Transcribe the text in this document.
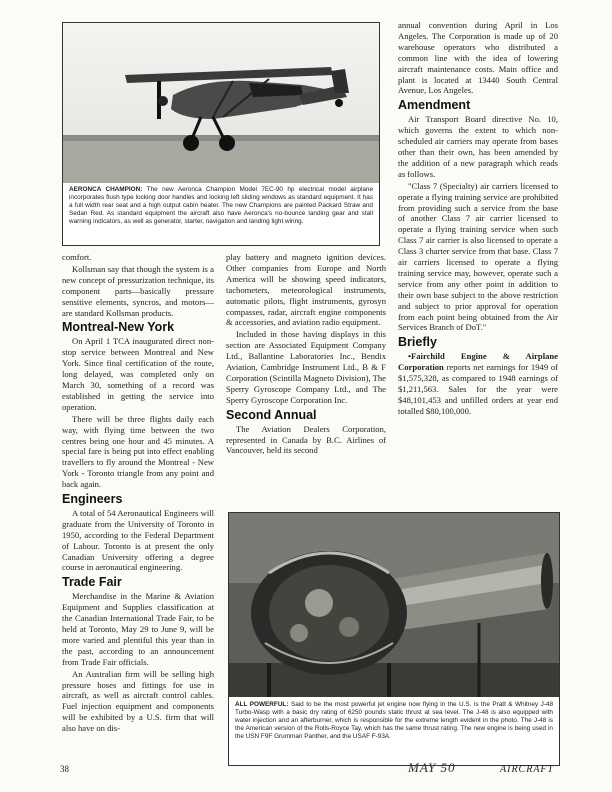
AERONCA CHAMPION: The new Aeronca Champion Model 7EC-90 hp electrical model airplane incorporates flush type locking door handles and locking left sliding windows as standard equipment. It has a full width rear seat and a high output cabin heater. The new Champions are painted Packard Straw and Sedan Red. As standard equipment the aircraft also have Aeronca's no-bounce landing gear and stall warning indicators, as well as generator, starter, navigation and landing light wiring.

comfort.

Kollsman say that though the system is a new concept of pressurization technique, its component parts—basically pressure sensitive elements, syncros, and motors—are standard Kollsman products.

Montreal-New York

On April 1 TCA inaugurated direct non-stop service between Montreal and New York. Since final certification of the route, long delayed, was completed only on March 30, something of a record was established in getting the service into operation.

There will be three flights daily each way, with flying time between the two centres being one hour and 45 minutes. A special fare is being put into effect enabling travellers to fly around the Montreal - New York - Toronto triangle from any point and back again.

Engineers

A total of 54 Aeronautical Engineers will graduate from the University of Toronto in 1950, according to the Federal Department of Labour. Toronto is at present the only Canadian University offering a degree course in aeronautical engineering.

Trade Fair

Merchandise in the Marine & Aviation Equipment and Supplies classification at the Canadian International Trade Fair, to be held at Toronto, May 29 to June 9, will be more varied and plentiful this year than in the past, according to an announcement from Trade Fair officials.

An Australian firm will be selling high pressure hoses and fittings for use in aircraft, as well as aircraft control cables. Fuel injection equipment and components will be exhibited by a U.S. firm that will also have on dis-

play battery and magneto ignition devices. Other companies from Europe and North America will be showing speed indicators, tachometers, meteorological instruments, automatic pilots, flight instruments, gyrosyn compasses, radar, aircraft engine components & accessories, and aviation radio equipment.

Included in those having displays in this section are Associated Equipment Company Ltd., Ballantine Laboratories Inc., Bendix Aviation, Cambridge Instrument Ltd., B & F Corporation (Scintilla Magneto Division), The Sperry Gyroscope Company Ltd., and The Sperry Gyroscope Corporation Inc.

Second Annual

The Aviation Dealers Corporation, represented in Canada by B.C. Airlines of Vancouver, held its second

annual convention during April in Los Angeles. The Corporation is made up of 20 warehouse operators who distributed a common line with the idea of lowering aircraft maintenance costs. Main office and plant is located at 13440 South Central Avenue, Los Angeles.

Amendment

Air Transport Board directive No. 10, which governs the extent to which non-scheduled air carriers may operate from bases other than their own, has been amended by the addition of a new paragraph which reads as follows.

"Class 7 (Specialty) air carriers licensed to operate a flying training service are prohibited from providing such a service from the base of another Class 7 air carrier licensed to operate a flying training service when such Class 7 air carrier is also licensed to operate a Class 3 charter service from that base. Class 7 air carriers licensed to operate a flying training service may, however, operate such a service from any other point in addition to their own base subject to the above restriction and subject to prior approval for operation from each point being obtained from the Air Services Branch of DoT."

Briefly

•Fairchild Engine & Airplane Corporation reports net earnings for 1949 of $1,575,328, as compared to 1948 earnings of $1,211,563. Sales for the year were $48,101,453 and unfilled orders at year end totalled $80,100,000.

ALL POWERFUL: Said to be the most powerful jet engine now flying in the U.S. is the Pratt & Whitney J-48 Turbo-Wasp with a basic dry rating of 6250 pounds static thrust at sea level. The J-48 is also equipped with water injection and an afterburner, which is responsible for the extreme length evident in the photo. The J-48 is the American version of the Rolls-Royce Tay, which has the same thrust rating. The new engine is being used in the USN F9F Grumman Panther, and the USAF F-93A.
38	MAY 50	AIRCRAFT
